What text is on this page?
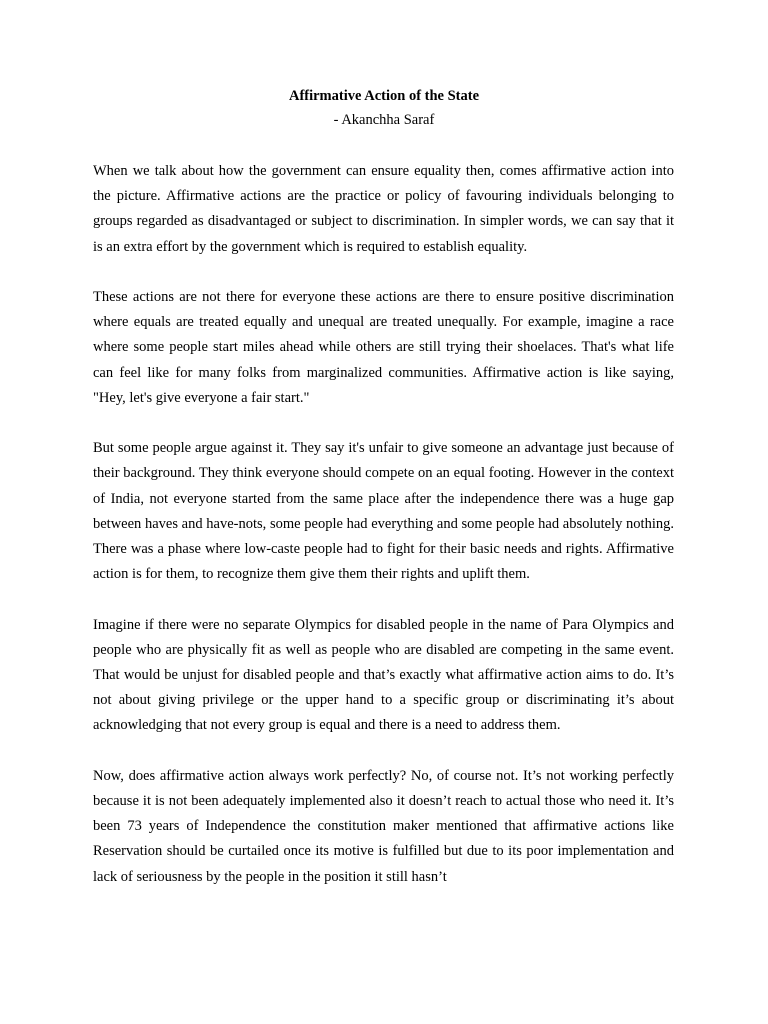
Affirmative Action of the State

- Akanchha Saraf

When we talk about how the government can ensure equality then, comes affirmative action into the picture. Affirmative actions are the practice or policy of favouring individuals belonging to groups regarded as disadvantaged or subject to discrimination. In simpler words, we can say that it is an extra effort by the government which is required to establish equality.

These actions are not there for everyone these actions are there to ensure positive discrimination where equals are treated equally and unequal are treated unequally. For example, imagine a race where some people start miles ahead while others are still trying their shoelaces. That's what life can feel like for many folks from marginalized communities. Affirmative action is like saying, "Hey, let's give everyone a fair start."

But some people argue against it. They say it's unfair to give someone an advantage just because of their background. They think everyone should compete on an equal footing. However in the context of India, not everyone started from the same place after the independence there was a huge gap between haves and have-nots, some people had everything and some people had absolutely nothing. There was a phase where low-caste people had to fight for their basic needs and rights. Affirmative action is for them, to recognize them give them their rights and uplift them.

Imagine if there were no separate Olympics for disabled people in the name of Para Olympics and people who are physically fit as well as people who are disabled are competing in the same event. That would be unjust for disabled people and that’s exactly what affirmative action aims to do. It’s not about giving privilege or the upper hand to a specific group or discriminating it’s about acknowledging that not every group is equal and there is a need to address them.

Now, does affirmative action always work perfectly? No, of course not. It’s not working perfectly because it is not been adequately implemented also it doesn’t reach to actual those who need it. It’s been 73 years of Independence the constitution maker mentioned that affirmative actions like Reservation should be curtailed once its motive is fulfilled but due to its poor implementation and lack of seriousness by the people in the position it still hasn’t
